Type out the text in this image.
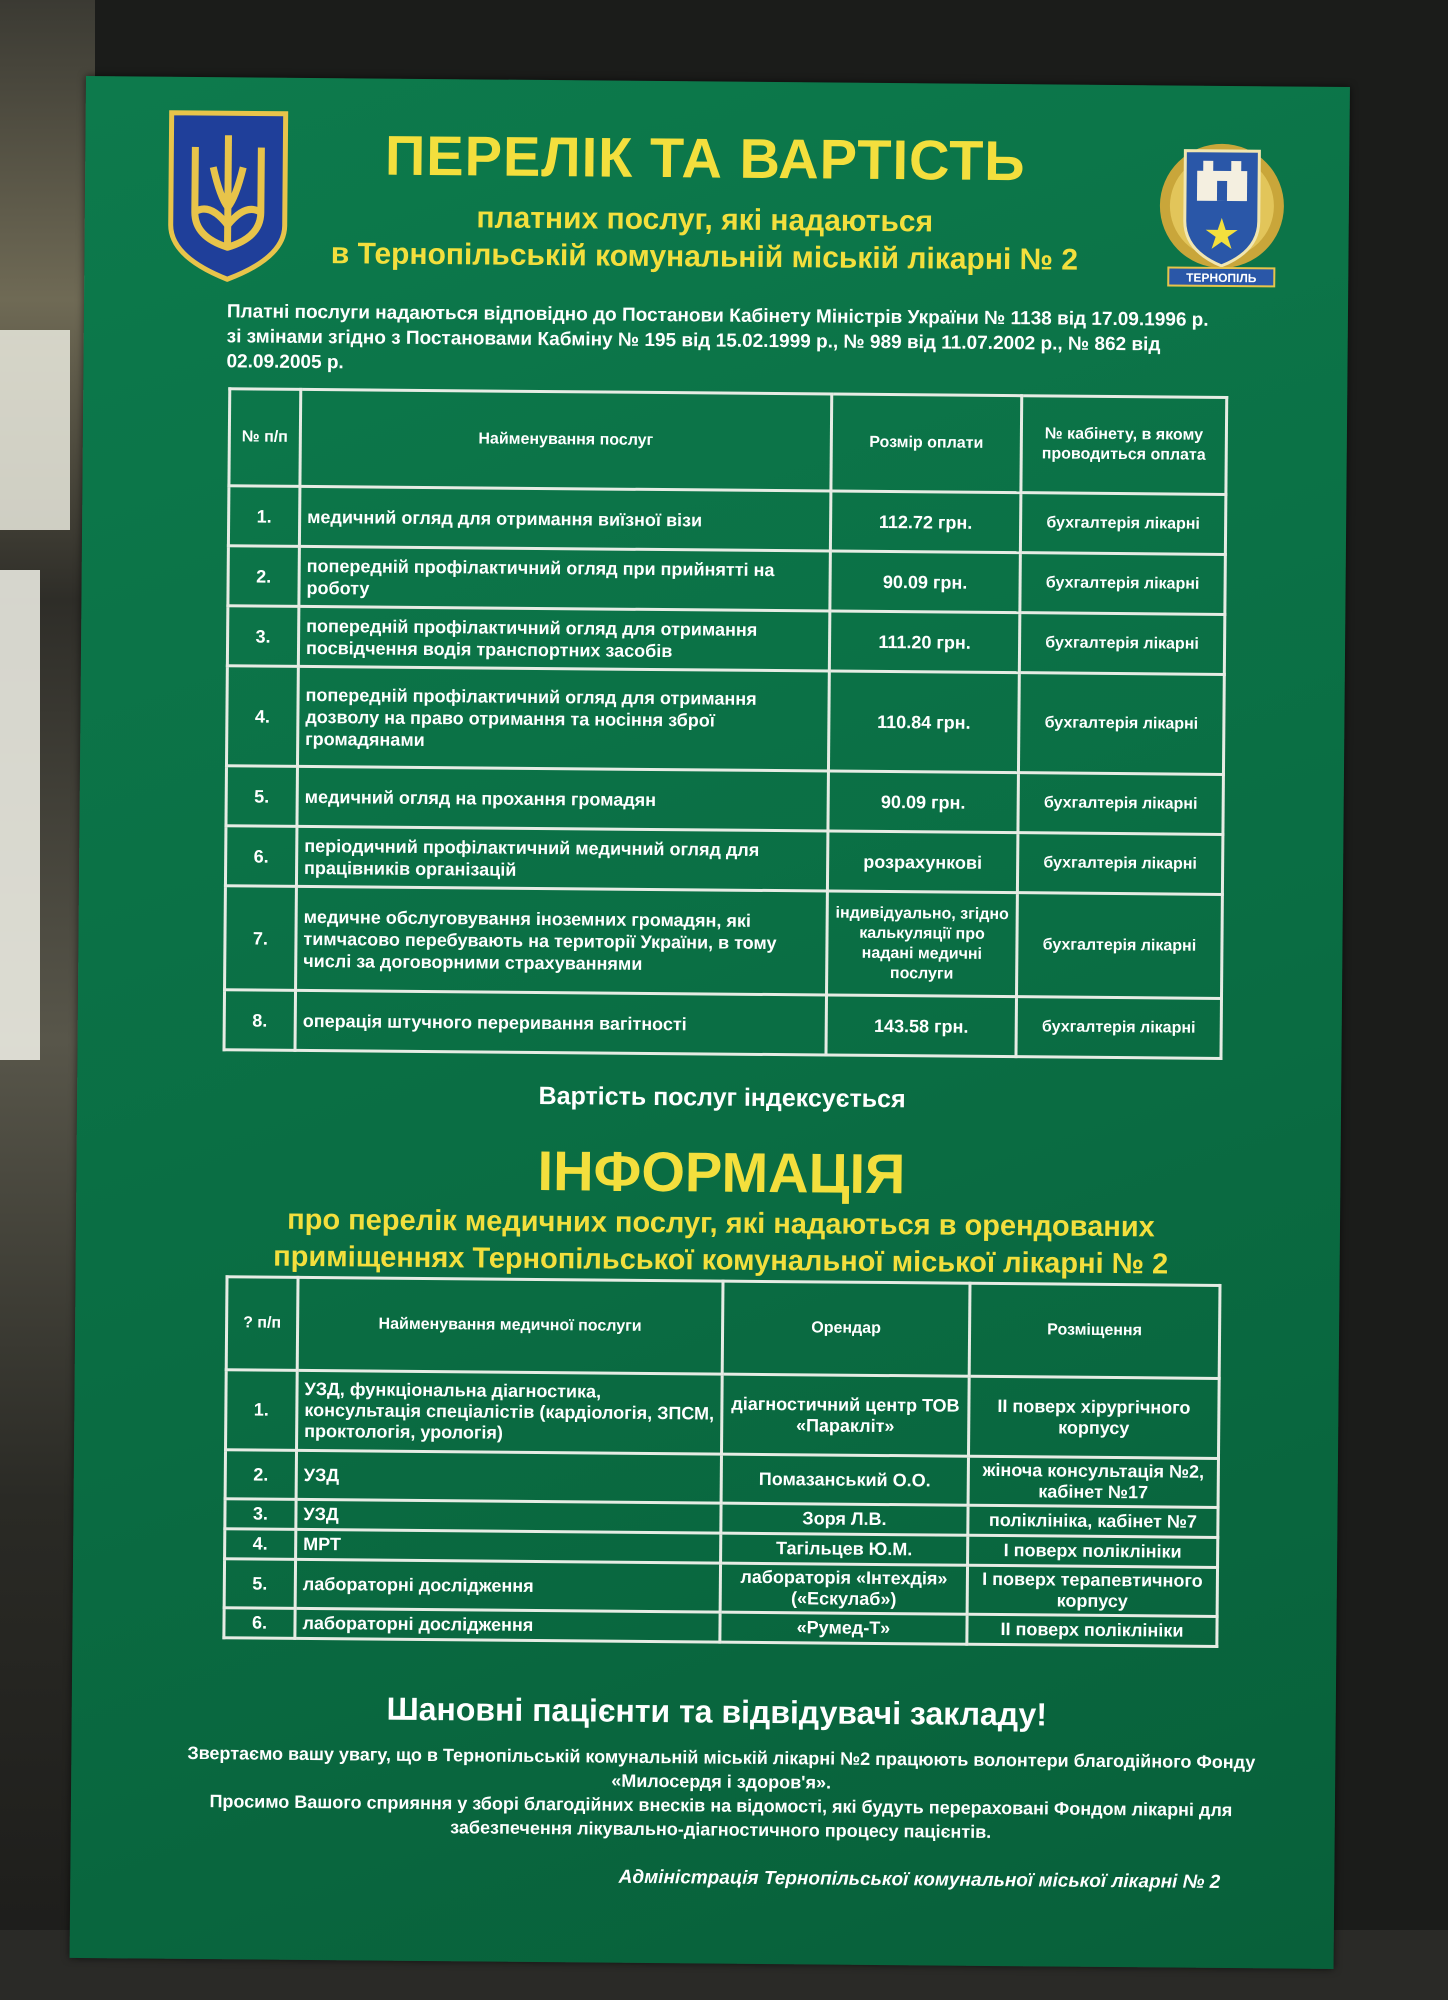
ТЕРНОПІЛЬ
ПЕРЕЛІК ТА ВАРТІСТЬ
платних послуг, які надаються
в Тернопільській комунальній міській лікарні № 2
Платні послуги надаються відповідно до Постанови Кабінету Міністрів України № 1138 від 17.09.1996 р. зі змінами згідно з Постановами Кабміну № 195 від 15.02.1999 р., № 989 від 11.07.2002 р., № 862 від 02.09.2005 р.
№ п/п	Найменування послуг	Розмір оплати	№ кабінету, в якому проводиться оплата
1.	медичний огляд для отримання виїзної візи	112.72 грн.	бухгалтерія лікарні
2.	попередній профілактичний огляд при прийнятті на роботу	90.09 грн.	бухгалтерія лікарні
3.	попередній профілактичний огляд для отримання посвідчення водія транспортних засобів	111.20 грн.	бухгалтерія лікарні
4.	попередній профілактичний огляд для отримання дозволу на право отримання та носіння зброї громадянами	110.84 грн.	бухгалтерія лікарні
5.	медичний огляд на прохання громадян	90.09 грн.	бухгалтерія лікарні
6.	періодичний профілактичний медичний огляд для працівників організацій	розрахункові	бухгалтерія лікарні
7.	медичне обслуговування іноземних громадян, які тимчасово перебувають на території України, в тому числі за договорними страхуваннями	індивідуально, згідно калькуляції про надані медичні послуги	бухгалтерія лікарні
8.	операція штучного переривання вагітності	143.58 грн.	бухгалтерія лікарні
Вартість послуг індексується
ІНФОРМАЦІЯ
про перелік медичних послуг, які надаються в орендованих
приміщеннях Тернопільської комунальної міської лікарні № 2
? п/п	Найменування медичної послуги	Орендар	Розміщення
1.	УЗД, функціональна діагностика, консультація спеціалістів (кардіологія, ЗПСМ, проктологія, урологія)	діагностичний центр ТОВ «Паракліт»	II поверх хірургічного корпусу
2.	УЗД	Помазанський О.О.	жіноча консультація №2, кабінет №17
3.	УЗД	Зоря Л.В.	поліклініка, кабінет №7
4.	МРТ	Тагільцев Ю.М.	I поверх поліклініки
5.	лабораторні дослідження	лабораторія «Інтехдія» («Ескулаб»)	I поверх терапевтичного корпусу
6.	лабораторні дослідження	«Румед-Т»	II поверх поліклініки
Шановні пацієнти та відвідувачі закладу!
Звертаємо вашу увагу, що в Тернопільській комунальній міській лікарні №2 працюють волонтери благодійного Фонду «Милосердя і здоров'я».
Просимо Вашого сприяння у зборі благодійних внесків на відомості, які будуть перераховані Фондом лікарні для забезпечення лікувально-діагностичного процесу пацієнтів.
Адміністрація Тернопільської комунальної міської лікарні № 2
